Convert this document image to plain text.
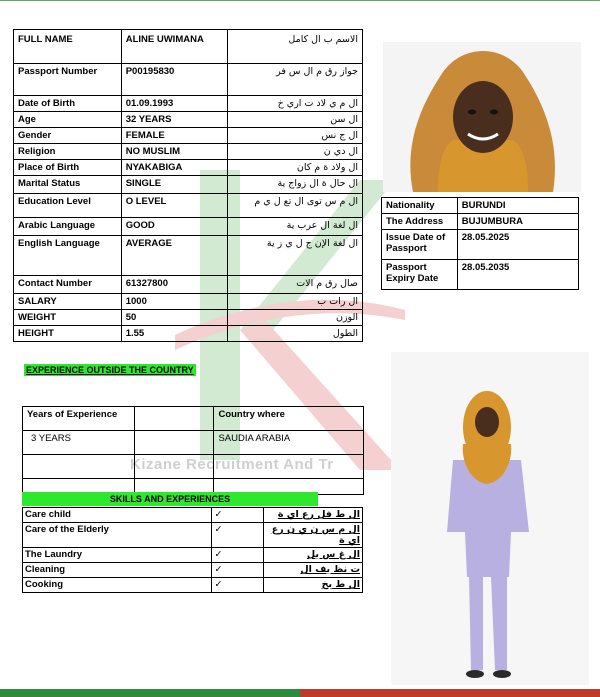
Kizane Recruitment And Tr
FULL NAME	ALINE UWIMANA	الاسم ب ال كامل
Passport Number	P00195830	جواز رق م ال س فر
Date of Birth	01.09.1993	ال م ي لاد ت اري خ
Age	32 YEARS	ال سن
Gender	FEMALE	ال ج نس
Religion	NO MUSLIM	ال دي ن
Place of Birth	NYAKABIGA	ال ولاد ة م كان
Marital Status	SINGLE	ال حال ة ال زواج ية
Education Level	O LEVEL	ال م س توى ال تع ل ي م
Arabic Language	GOOD	ال لغة ال عرب ية
English Language	AVERAGE	ال لغة الإن ج ل ي ز ية
Contact Number	61327800	صال رق م الات
SALARY	1000	ال رات ب
WEIGHT	50	الوزن
HEIGHT	1.55	الطول
Nationality	BURUNDI
The Address	BUJUMBURA
Issue Date of Passport	28.05.2025
Passport Expiry Date	28.05.2035
EXPERIENCE OUTSIDE THE COUNTRY
Years of Experience		Country where
3 YEARS		SAUDIA ARABIA

SKILLS AND EXPERIENCES
Care child	✓	ال ط فل رع اي ة
Care of the Elderly	✓	ال م س ن ي ن رع اي ة
The Laundry	✓	ال غ س يل
Cleaning	✓	ت نظ يف ال
Cooking	✓	ال ط بخ
